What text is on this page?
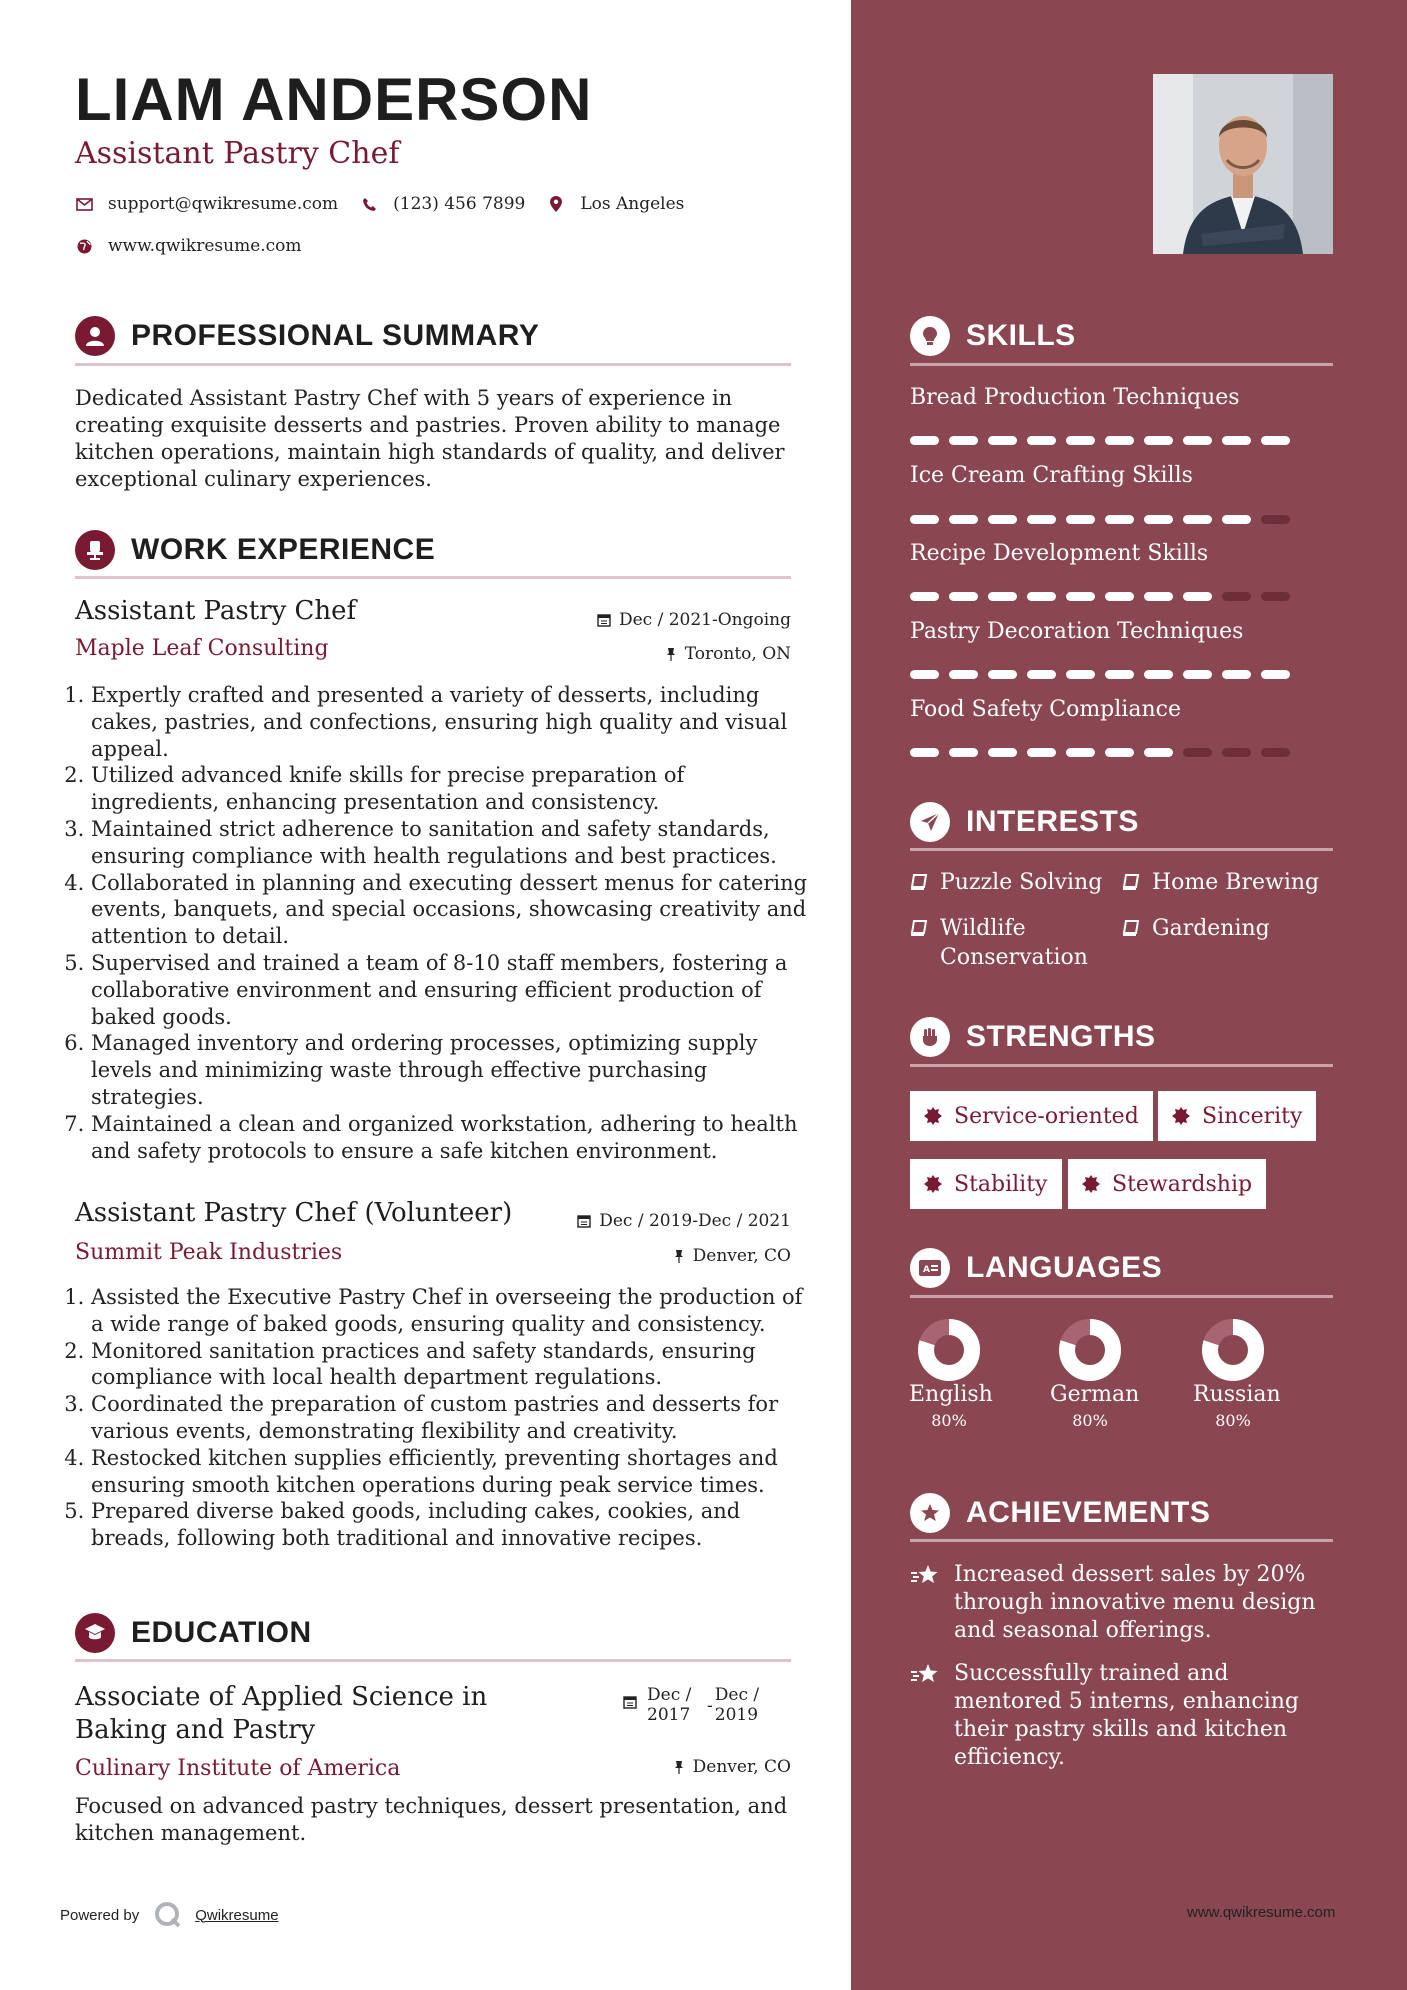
LIAM ANDERSON
Assistant Pastry Chef
support@qwikresume.com	(123) 456 7899	Los Angeles
www.qwikresume.com
PROFESSIONAL SUMMARY
Dedicated Assistant Pastry Chef with 5 years of experience in creating exquisite desserts and pastries. Proven ability to manage kitchen operations, maintain high standards of quality, and deliver exceptional culinary experiences.
WORK EXPERIENCE
Assistant Pastry Chef	Dec / 2021-Ongoing
Maple Leaf Consulting	Toronto, ON
1. Expertly crafted and presented a variety of desserts, including cakes, pastries, and confections, ensuring high quality and visual appeal.
2. Utilized advanced knife skills for precise preparation of ingredients, enhancing presentation and consistency.
3. Maintained strict adherence to sanitation and safety standards, ensuring compliance with health regulations and best practices.
4. Collaborated in planning and executing dessert menus for catering events, banquets, and special occasions, showcasing creativity and attention to detail.
5. Supervised and trained a team of 8-10 staff members, fostering a collaborative environment and ensuring efficient production of baked goods.
6. Managed inventory and ordering processes, optimizing supply levels and minimizing waste through effective purchasing strategies.
7. Maintained a clean and organized workstation, adhering to health and safety protocols to ensure a safe kitchen environment.
Assistant Pastry Chef (Volunteer)	Dec / 2019-Dec / 2021
Summit Peak Industries	Denver, CO
1. Assisted the Executive Pastry Chef in overseeing the production of a wide range of baked goods, ensuring quality and consistency.
2. Monitored sanitation practices and safety standards, ensuring compliance with local health department regulations.
3. Coordinated the preparation of custom pastries and desserts for various events, demonstrating flexibility and creativity.
4. Restocked kitchen supplies efficiently, preventing shortages and ensuring smooth kitchen operations during peak service times.
5. Prepared diverse baked goods, including cakes, cookies, and breads, following both traditional and innovative recipes.
EDUCATION
Associate of Applied Science in Baking and Pastry
Dec /
2017 -
Dec /
2019
Culinary Institute of America	Denver, CO
Focused on advanced pastry techniques, dessert presentation, and kitchen management.
SKILLS
Bread Production Techniques
Ice Cream Crafting Skills
Recipe Development Skills
Pastry Decoration Techniques
Food Safety Compliance
INTERESTS
Puzzle Solving Home Brewing
Wildlife Conservation
Gardening
STRENGTHS
Service-oriented	Sincerity
Stability	Stewardship
A LANGUAGES
English
80%
German
80%
Russian
80%
ACHIEVEMENTS
Increased dessert sales by 20% through innovative menu design and seasonal offerings.
Successfully trained and mentored 5 interns, enhancing their pastry skills and kitchen efficiency.
Powered by	Qwikresume	www.qwikresume.com
